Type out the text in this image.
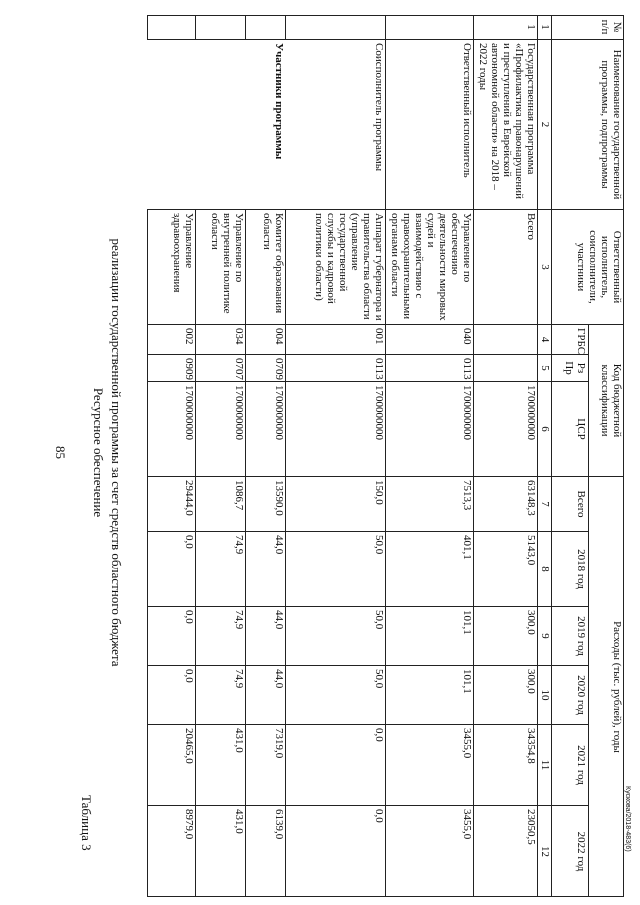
Кускова/2018-483(6)
85
Таблица 3
Ресурсное обеспечение реализации государственной программы за счет средств областного бюджета
№ п/п
Наименование государственной программы, подпрограммы
Ответственный исполнитель, соисполнители, участники
Код бюджетной классификации
ГРБС
Рз Пр
ЦСР
Расходы (тыс. рублей), годы
Всего
2018 год
2019 год
2020 год
2021 год
2022 год
1
2
3
4
5
6
7
8
9
10
11
12
1
Государственная программа «Профилактика правонарушений и преступлений в Еврейской автономной области» на 2018 – 2022 годы
Всего
1700000000
63148,3
5143,0
300,0
300,0
34354,8
23050,5
Ответственный исполнитель
Управление по обеспечению деятельности мировых судей и взаимодействию с правоохранительными органами области
040
0113
1700000000
7513,3
401,1
101,1
101,1
3455,0
3455,0
Соисполнитель программы
Аппарат губернатора и правительства области (управление государственной службы и кадровой политики области)
001
0113
1700000000
150,0
50,0
50,0
50,0
0,0
0,0
Участники программы
Комитет образования области
004
0709
1700000000
13590,0
44,0
44,0
44,0
7319,0
6139,0
Управление по внутренней политике области
034
0707
1700000000
1086,7
74,9
74,9
74,9
431,0
431,0
Управление здравоохранения
002
0909
1700000000
29444,0
0,0
0,0
0,0
20465,0
8979,0
